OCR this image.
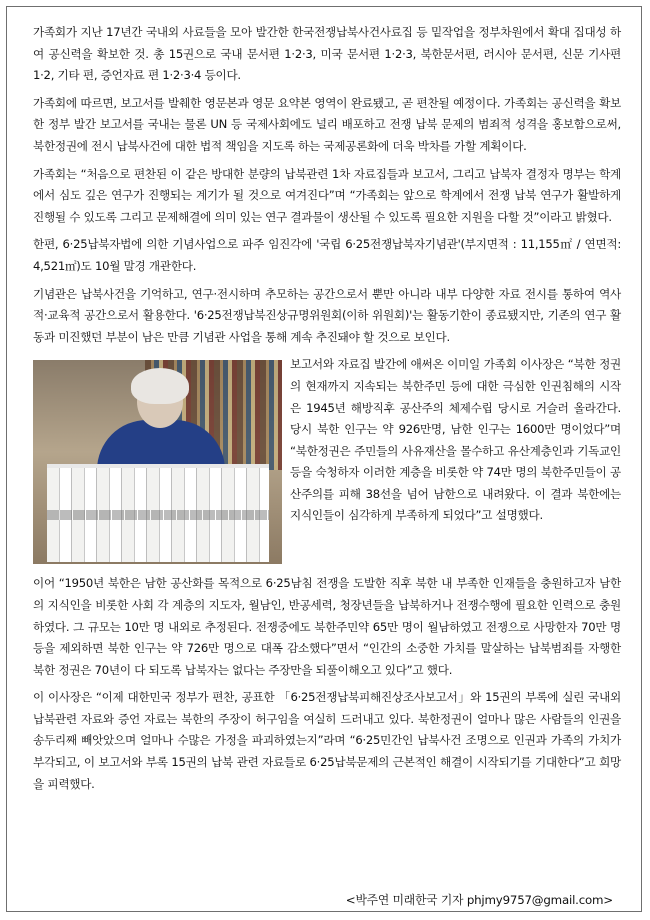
가족회가 지난 17년간 국내외 사료들을 모아 발간한 한국전쟁납북사건사료집 등 밑작업을 정부차원에서 확대 집대성 하여 공신력을 확보한 것. 총 15권으로 국내 문서편 1·2·3, 미국 문서편 1·2·3, 북한문서편, 러시아 문서편, 신문 기사편 1·2, 기타 편, 증언자료 편 1·2·3·4 등이다.

가족회에 따르면, 보고서를 발췌한 영문본과 영문 요약본 영역이 완료됐고, 곧 편찬될 예정이다. 가족회는 공신력을 확보한 정부 발간 보고서를 국내는 물론 UN 등 국제사회에도 널리 배포하고 전쟁 납북 문제의 범죄적 성격을 홍보함으로써, 북한정권에 전시 납북사건에 대한 법적 책임을 지도록 하는 국제공론화에 더욱 박차를 가할 계획이다.

가족회는 “처음으로 편찬된 이 같은 방대한 분량의 납북관련 1차 자료집들과 보고서, 그리고 납북자 결정자 명부는 학계에서 심도 깊은 연구가 진행되는 계기가 될 것으로 여겨진다”며 “가족회는 앞으로 학계에서 전쟁 납북 연구가 활발하게 진행될 수 있도록 그리고 문제해결에 의미 있는 연구 결과물이 생산될 수 있도록 필요한 지원을 다할 것”이라고 밝혔다.

한편, 6·25납북자법에 의한 기념사업으로 파주 임진각에 '국립 6·25전쟁납북자기념관'(부지면적 : 11,155㎡ / 연면적: 4,521㎡)도 10월 말경 개관한다.

기념관은 납북사건을 기억하고, 연구·전시하며 추모하는 공간으로서 뿐만 아니라 내부 다양한 자료 전시를 통하여 역사적·교육적 공간으로서 활용한다. '6·25전쟁납북진상규명위원회(이하 위원회)'는 활동기한이 종료됐지만, 기존의 연구 활동과 미진했던 부분이 남은 만큼 기념관 사업을 통해 계속 추진돼야 할 것으로 보인다.

보고서와 자료집 발간에 애써온 이미일 가족회 이사장은 “북한 정권의 현재까지 지속되는 북한주민 등에 대한 극심한 인권침해의 시작은 1945년 해방직후 공산주의 체제수립 당시로 거슬러 올라간다. 당시 북한 인구는 약 926만명, 남한 인구는 1600만 명이었다”며 “북한정권은 주민들의 사유재산을 몰수하고 유산계층인과 기독교인 등을 숙청하자 이러한 계층을 비롯한 약 74만 명의 북한주민들이 공산주의를 피해 38선을 넘어 남한으로 내려왔다. 이 결과 북한에는 지식인들이 심각하게 부족하게 되었다”고 설명했다.

이어 “1950년 북한은 남한 공산화를 목적으로 6·25남침 전쟁을 도발한 직후 북한 내 부족한 인재들을 충원하고자 남한의 지식인을 비롯한 사회 각 계층의 지도자, 월남인, 반공세력, 청장년들을 납북하거나 전쟁수행에 필요한 인력으로 충원하였다. 그 규모는 10만 명 내외로 추정된다. 전쟁중에도 북한주민약 65만 명이 월남하였고 전쟁으로 사망한자 70만 명 등을 제외하면 북한 인구는 약 726만 명으로 대폭 감소했다”면서 “인간의 소중한 가치를 말살하는 납북범죄를 자행한 북한 정권은 70년이 다 되도록 납북자는 없다는 주장만을 되풀이해오고 있다”고 했다.

이 이사장은 “이제 대한민국 정부가 편찬, 공표한 「6·25전쟁납북피해진상조사보고서」와 15권의 부록에 실린 국내외 납북관련 자료와 증언 자료는 북한의 주장이 허구임을 여실히 드러내고 있다. 북한정권이 얼마나 많은 사람들의 인권을 송두리째 빼앗았으며 얼마나 수많은 가정을 파괴하였는지”라며 “6·25민간인 납북사건 조명으로 인권과 가족의 가치가 부각되고, 이 보고서와 부록 15권의 납북 관련 자료들로 6·25납북문제의 근본적인 해결이 시작되기를 기대한다”고 희망을 피력했다.

<박주연 미래한국 기자 phjmy9757@gmail.com>
